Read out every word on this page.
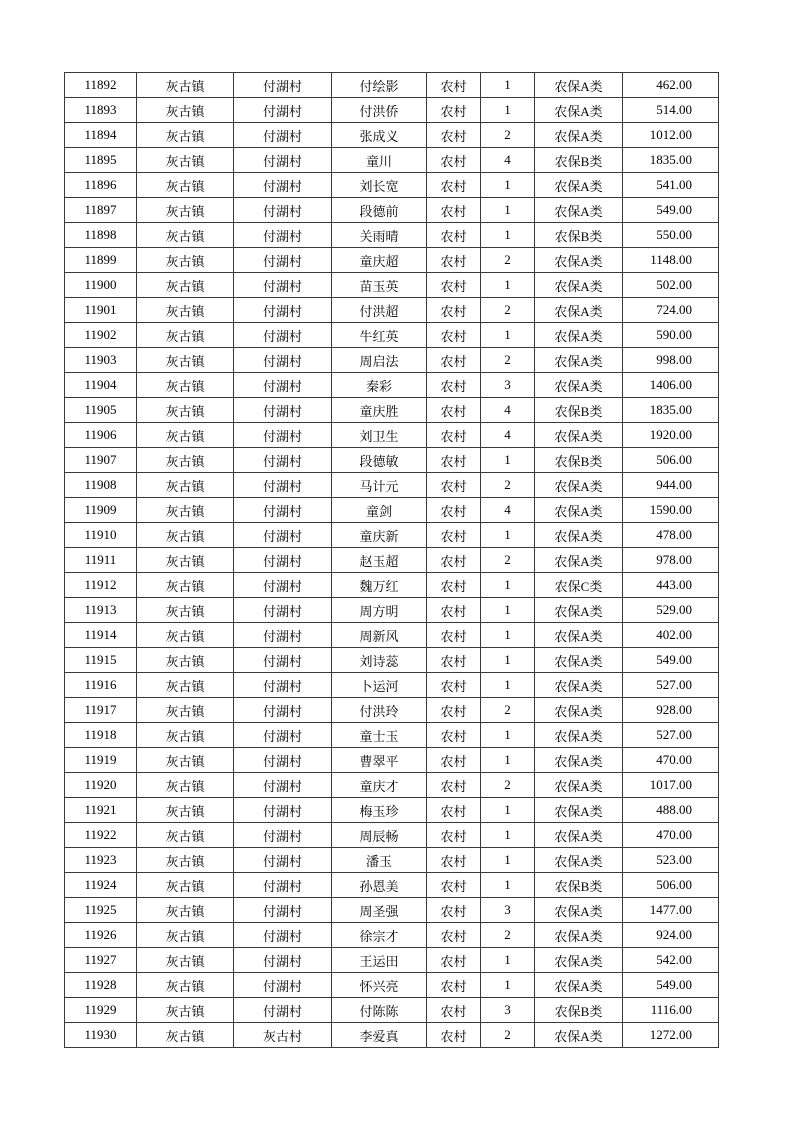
11892	灰古镇	付湖村	付绘影	农村	1	农保A类	462.00
11893	灰古镇	付湖村	付洪侨	农村	1	农保A类	514.00
11894	灰古镇	付湖村	张成义	农村	2	农保A类	1012.00
11895	灰古镇	付湖村	童川	农村	4	农保B类	1835.00
11896	灰古镇	付湖村	刘长宽	农村	1	农保A类	541.00
11897	灰古镇	付湖村	段德前	农村	1	农保A类	549.00
11898	灰古镇	付湖村	关雨晴	农村	1	农保B类	550.00
11899	灰古镇	付湖村	童庆超	农村	2	农保A类	1148.00
11900	灰古镇	付湖村	苗玉英	农村	1	农保A类	502.00
11901	灰古镇	付湖村	付洪超	农村	2	农保A类	724.00
11902	灰古镇	付湖村	牛红英	农村	1	农保A类	590.00
11903	灰古镇	付湖村	周启法	农村	2	农保A类	998.00
11904	灰古镇	付湖村	秦彩	农村	3	农保A类	1406.00
11905	灰古镇	付湖村	童庆胜	农村	4	农保B类	1835.00
11906	灰古镇	付湖村	刘卫生	农村	4	农保A类	1920.00
11907	灰古镇	付湖村	段德敏	农村	1	农保B类	506.00
11908	灰古镇	付湖村	马计元	农村	2	农保A类	944.00
11909	灰古镇	付湖村	童剑	农村	4	农保A类	1590.00
11910	灰古镇	付湖村	童庆新	农村	1	农保A类	478.00
11911	灰古镇	付湖村	赵玉超	农村	2	农保A类	978.00
11912	灰古镇	付湖村	魏万红	农村	1	农保C类	443.00
11913	灰古镇	付湖村	周方明	农村	1	农保A类	529.00
11914	灰古镇	付湖村	周新风	农村	1	农保A类	402.00
11915	灰古镇	付湖村	刘诗蕊	农村	1	农保A类	549.00
11916	灰古镇	付湖村	卜运河	农村	1	农保A类	527.00
11917	灰古镇	付湖村	付洪玲	农村	2	农保A类	928.00
11918	灰古镇	付湖村	童士玉	农村	1	农保A类	527.00
11919	灰古镇	付湖村	曹翠平	农村	1	农保A类	470.00
11920	灰古镇	付湖村	童庆才	农村	2	农保A类	1017.00
11921	灰古镇	付湖村	梅玉珍	农村	1	农保A类	488.00
11922	灰古镇	付湖村	周辰畅	农村	1	农保A类	470.00
11923	灰古镇	付湖村	潘玉	农村	1	农保A类	523.00
11924	灰古镇	付湖村	孙恩美	农村	1	农保B类	506.00
11925	灰古镇	付湖村	周圣强	农村	3	农保A类	1477.00
11926	灰古镇	付湖村	徐宗才	农村	2	农保A类	924.00
11927	灰古镇	付湖村	王运田	农村	1	农保A类	542.00
11928	灰古镇	付湖村	怀兴亮	农村	1	农保A类	549.00
11929	灰古镇	付湖村	付陈陈	农村	3	农保B类	1116.00
11930	灰古镇	灰古村	李爱真	农村	2	农保A类	1272.00
